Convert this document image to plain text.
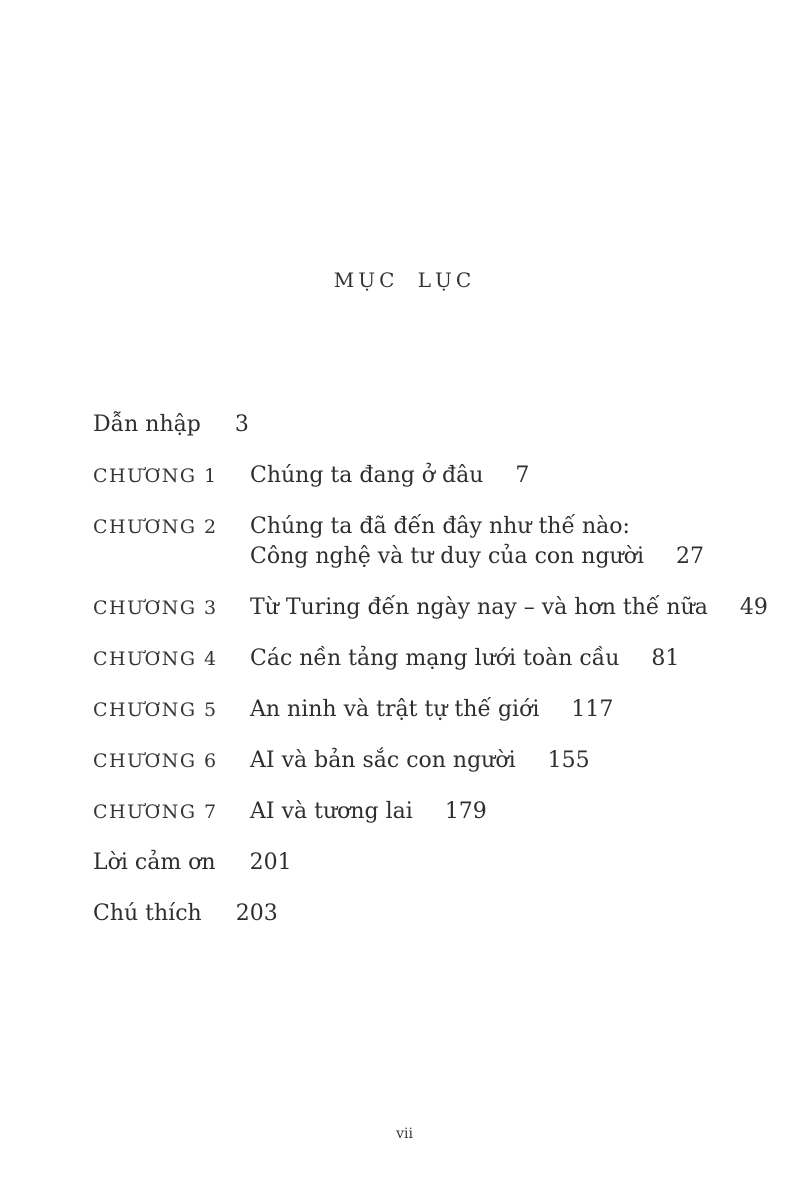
MỤC LỤC
Dẫn nhập 3
CHƯƠNG 1	Chúng ta đang ở đâu 7
CHƯƠNG 2	Chúng ta đã đến đây như thế nào:
Công nghệ và tư duy của con người 27
CHƯƠNG 3	Từ Turing đến ngày nay – và hơn thế nữa 49
CHƯƠNG 4	Các nền tảng mạng lưới toàn cầu 81
CHƯƠNG 5	An ninh và trật tự thế giới 117
CHƯƠNG 6	AI và bản sắc con người 155
CHƯƠNG 7	AI và tương lai 179
Lời cảm ơn 201
Chú thích 203
vii
